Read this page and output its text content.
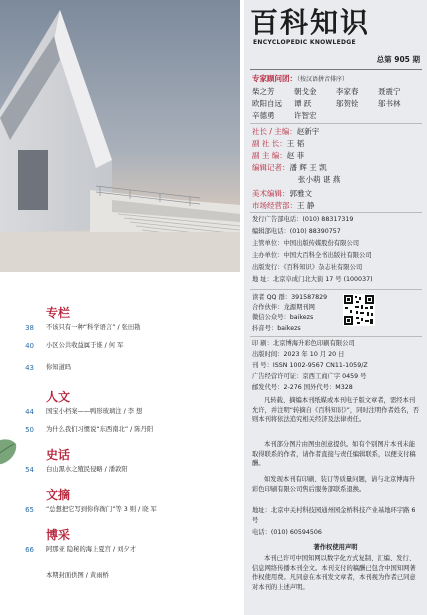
专栏
38 不该只有一种“科学语言” / 张田勘
40 小区公共收益属于谁 / 何 军
43 你知道吗
人文
44 国宝小档案——鸭形玻璃注 / 李 想
50 为什么我们习惯说“东西南北” / 陈丹阳
史话
54 白山黑水之殖民侵略 / 潘敦阳
文摘
65 “总想把它写到你你衙门”等 3 则 / 晓 军
博采
66 阿那亚 隐秘的海上夏宫 / 刘夕才
本期封面供图 / 黄雨桥
百科知识
ENCYCLOPEDIC KNOWLEDGE
总第 905 期
专家顾问团：（按汉语拼音排序）
柴之芳	朝戈金	李家春	聂震宁
欧阳自远 谭 跃	邬贺铨	邬书林
辛德勇	许智宏
社长 / 主编：赵新宇
副 社 长：王 韬
副 主 编：赵 菲
编辑记者：潘 辉 王 凯
张小萌 谌 燕
美术编辑：郭雅文
市场经营部：王 静
发行广告部电话：(010) 88317319
编辑部电话：(010) 88390757
主管单位：中国出版传媒股份有限公司
主办单位：中国大百科全书出版社有限公司
出版发行：《百科知识》杂志社有限公司
地 址：北京阜成门北大街 17 号 (100037)
读者 QQ 群：391587829
合作伙伴：龙源期刊网
微信公众号：baikezs
抖音号：baikezs
印 刷：北京博海升彩色印刷有限公司
出版时间：2023 年 10 月 20 日
刊 号：ISSN 1002-9567 CN11-1059/Z
广告经营许可证：京西工商广字 0459 号
邮发代号：2-276 国外代号：M328
凡转载、摘编本刊纸媒或本刊电子版文章者，需经本刊允许，并注明“转摘自《百科知识》”，同时注明作者姓名，否则本刊将依法追究相关经济及法律责任。
本刊部分图片由图虫创意提供。如有个别图片本刊未能取得联系的作者，请作者直接与责任编辑联系，以便支付稿酬。
如发现本刊有印刷、装订等质量问题，请与北京博海升彩色印刷有限公司售后服务部联系退换。
地址：北京中关村科技园通州园金桥科技产业基地环宇路 6 号
电话：(010) 60594506
著作权使用声明
本刊已许可中国知网以数字化方式复制、汇编、发行、信息网络传播本刊全文。本刊支付的稿酬已包含中国知网著作权使用费。凡同意在本刊发文章者，本刊视为作者已同意对本刊的上述声明。
